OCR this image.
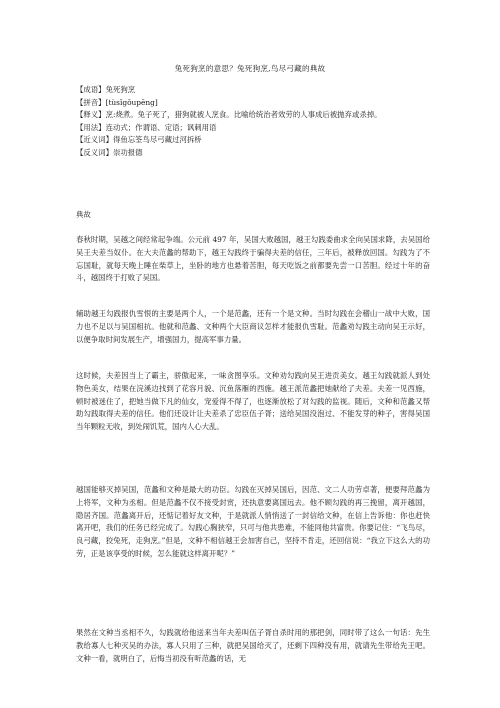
兔死狗烹的意思？兔死狗烹,鸟尽弓藏的典故

【成语】兔死狗烹

【拼音】[tùsǐgǒupēng]

【释义】烹:烧煮。兔子死了，猎狗就被人烹食。比喻给统治者效劳的人事成后被抛弃或杀掉。

【用法】连动式；作谓语、定语；讽刺用语

【近义词】得鱼忘筌鸟尽弓藏过河拆桥

【反义词】崇功报德

典故

春秋时期，吴越之间经常起争端。公元前 497 年，吴国大败越国，越王勾践委曲求全向吴国求降，去吴国给吴王夫差当奴仆。在大夫范蠡的帮助下，越王勾践终于骗得夫差的信任，三年后，被释放回国。勾践为了不忘国耻，就每天晚上睡在柴草上，坐卧的地方也悬着苦胆，每天吃饭之前都要先尝一口苦胆。经过十年的奋斗，越国终于打败了吴国。

辅助越王勾践报仇雪恨的主要是两个人，一个是范蠡，还有一个是文种。当时勾践在会稽山一战中大败，国力也不足以与吴国相抗。他就和范蠡、文种两个大臣商议怎样才能报仇雪耻。范蠡劝勾践主动向吴王示好，以便争取时间发展生产，增强国力，提高军事力量。

这时候，夫差因当上了霸主，骄傲起来，一味贪图享乐。文种劝勾践向吴王进贡美女。越王勾践就派人到处物色美女，结果在浣溪边找到了花容月貌、沉鱼落雁的西施。越王派范蠡把她献给了夫差。夫差一见西施，顿时被迷住了，把她当做下凡的仙女，宠爱得不得了，也逐渐放松了对勾践的监视。随后，文种和范蠡又帮助勾践取得夫差的信任。他们还设计让夫差杀了忠臣伍子胥；送给吴国没泡过、不能发芽的种子，害得吴国当年颗粒无收，到处闹饥荒，国内人心大乱。

越国能够灭掉吴国，范蠡和文种是最大的功臣。勾践在灭掉吴国后，因范、文二人功劳卓著，便要拜范蠡为上将军，文种为丞相。但是范蠡不仅不接受封赏，还执意要离国远去。他不顾勾践的再三挽留，离开越国，隐居齐国。范蠡离开后，还惦记着好友文种，于是就派人悄悄送了一封信给文种，在信上告诉他：你也赶快离开吧，我们的任务已经完成了。勾践心胸狭窄，只可与他共患难，不能同他共富贵。你要记住：“飞鸟尽，良弓藏，狡兔死，走狗烹。”但是，文种不相信越王会加害自己，坚持不肯走，还回信说：“我立下这么大的功劳，正是该享受的时候，怎么能就这样离开呢？”

果然在文种当丞相不久，勾践就给他送来当年夫差叫伍子胥自杀时用的那把剑，同时带了这么一句话：先生教给寡人七种灭吴的办法，寡人只用了三种，就把吴国给灭了，还剩下四种没有用，就请先生带给先王吧。文种一看，就明白了，后悔当初没有听范蠡的话，无
